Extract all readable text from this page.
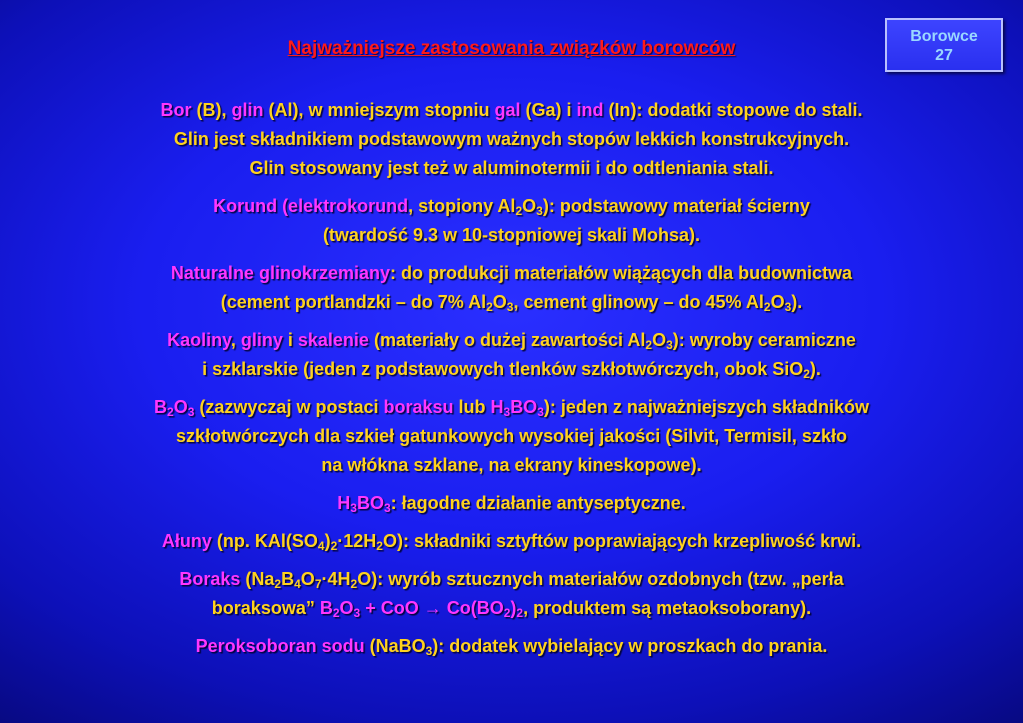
Borowce
27
Najważniejsze zastosowania związków borowców
Bor (B), glin (Al), w mniejszym stopniu gal (Ga) i ind (In): dodatki stopowe do stali.
Glin jest składnikiem podstawowym ważnych stopów lekkich konstrukcyjnych.
Glin stosowany jest też w aluminotermii i do odtleniania stali.
Korund (elektrokorund, stopiony $Al_2O_3$): podstawowy materiał ścierny
(twardość 9.3 w 10-stopniowej skali Mohsa).
Naturalne glinokrzemiany: do produkcji materiałów wiążących dla budownictwa
(cement portlandzki – do 7% $Al_2O_3$, cement glinowy – do 45% $Al_2O_3$).
Kaoliny, gliny i skalenie (materiały o dużej zawartości $Al_2O_3$): wyroby ceramiczne
i szklarskie (jeden z podstawowych tlenków szkłotwórczych, obok SiO$_2$).
$B_2O_3$ (zazwyczaj w postaci boraksu lub $H_3BO_3$): jeden z najważniejszych składników
szkłotwórczych dla szkieł gatunkowych wysokiej jakości (Silvit, Termisil, szkło
na włókna szklane, na ekrany kineskopowe).
$H_3BO_3$: łagodne działanie antyseptyczne.
Ałuny (np. $KAl(SO_4)_2\cdot 12H_2O$): składniki sztyftów poprawiających krzepliwość krwi.
Boraks $(Na_2B_4O_7\cdot 4H_2O)$: wyrób sztucznych materiałów ozdobnych (tzw. „perła
boraksowa” $B_2O_3$ + CoO → $Co(BO_2)_2$, produktem są metaoksoborany).
Peroksoboran sodu (NaBO$_3$): dodatek wybielający w proszkach do prania.
